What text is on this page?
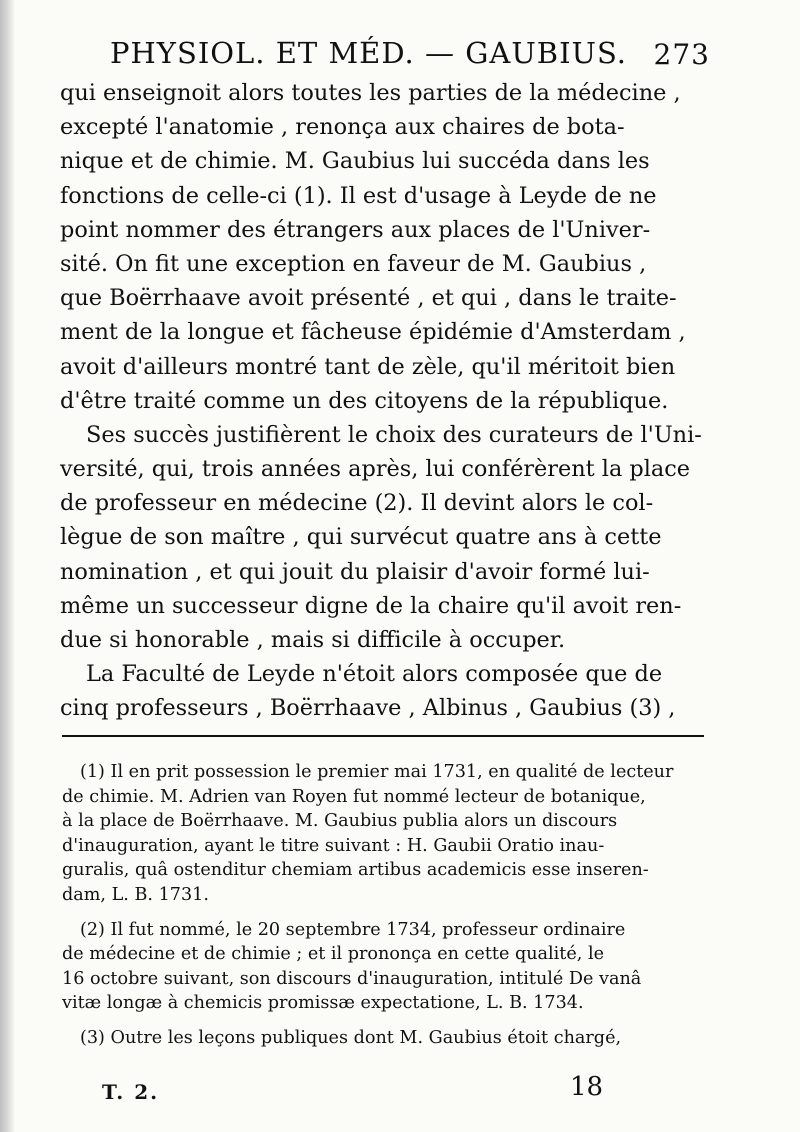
PHYSIOL. ET MÉD. — GAUBIUS. 273
qui enseignoit alors toutes les parties de la médecine ,
excepté l'anatomie , renonça aux chaires de bota-
nique et de chimie. M. Gaubius lui succéda dans les
fonctions de celle-ci (1). Il est d'usage à Leyde de ne
point nommer des étrangers aux places de l'Univer-
sité. On fit une exception en faveur de M. Gaubius ,
que Boërrhaave avoit présenté , et qui , dans le traite-
ment de la longue et fâcheuse épidémie d'Amsterdam ,
avoit d'ailleurs montré tant de zèle, qu'il méritoit bien
d'être traité comme un des citoyens de la république.
Ses succès justifièrent le choix des curateurs de l'Uni-
versité, qui, trois années après, lui conférèrent la place
de professeur en médecine (2). Il devint alors le col-
lègue de son maître , qui survécut quatre ans à cette
nomination , et qui jouit du plaisir d'avoir formé lui-
même un successeur digne de la chaire qu'il avoit ren-
due si honorable , mais si difficile à occuper.
La Faculté de Leyde n'étoit alors composée que de
cinq professeurs , Boërrhaave , Albinus , Gaubius (3) ,
(1) Il en prit possession le premier mai 1731, en qualité de lecteur
de chimie. M. Adrien van Royen fut nommé lecteur de botanique,
à la place de Boërrhaave. M. Gaubius publia alors un discours
d'inauguration, ayant le titre suivant : H. Gaubii Oratio inau-
guralis, quâ ostenditur chemiam artibus academicis esse inseren-
dam, L. B. 1731.
(2) Il fut nommé, le 20 septembre 1734, professeur ordinaire
de médecine et de chimie ; et il prononça en cette qualité, le
16 octobre suivant, son discours d'inauguration, intitulé De vanâ
vitæ longæ à chemicis promissæ expectatione, L. B. 1734.
(3) Outre les leçons publiques dont M. Gaubius étoit chargé,
T. 2.	18
